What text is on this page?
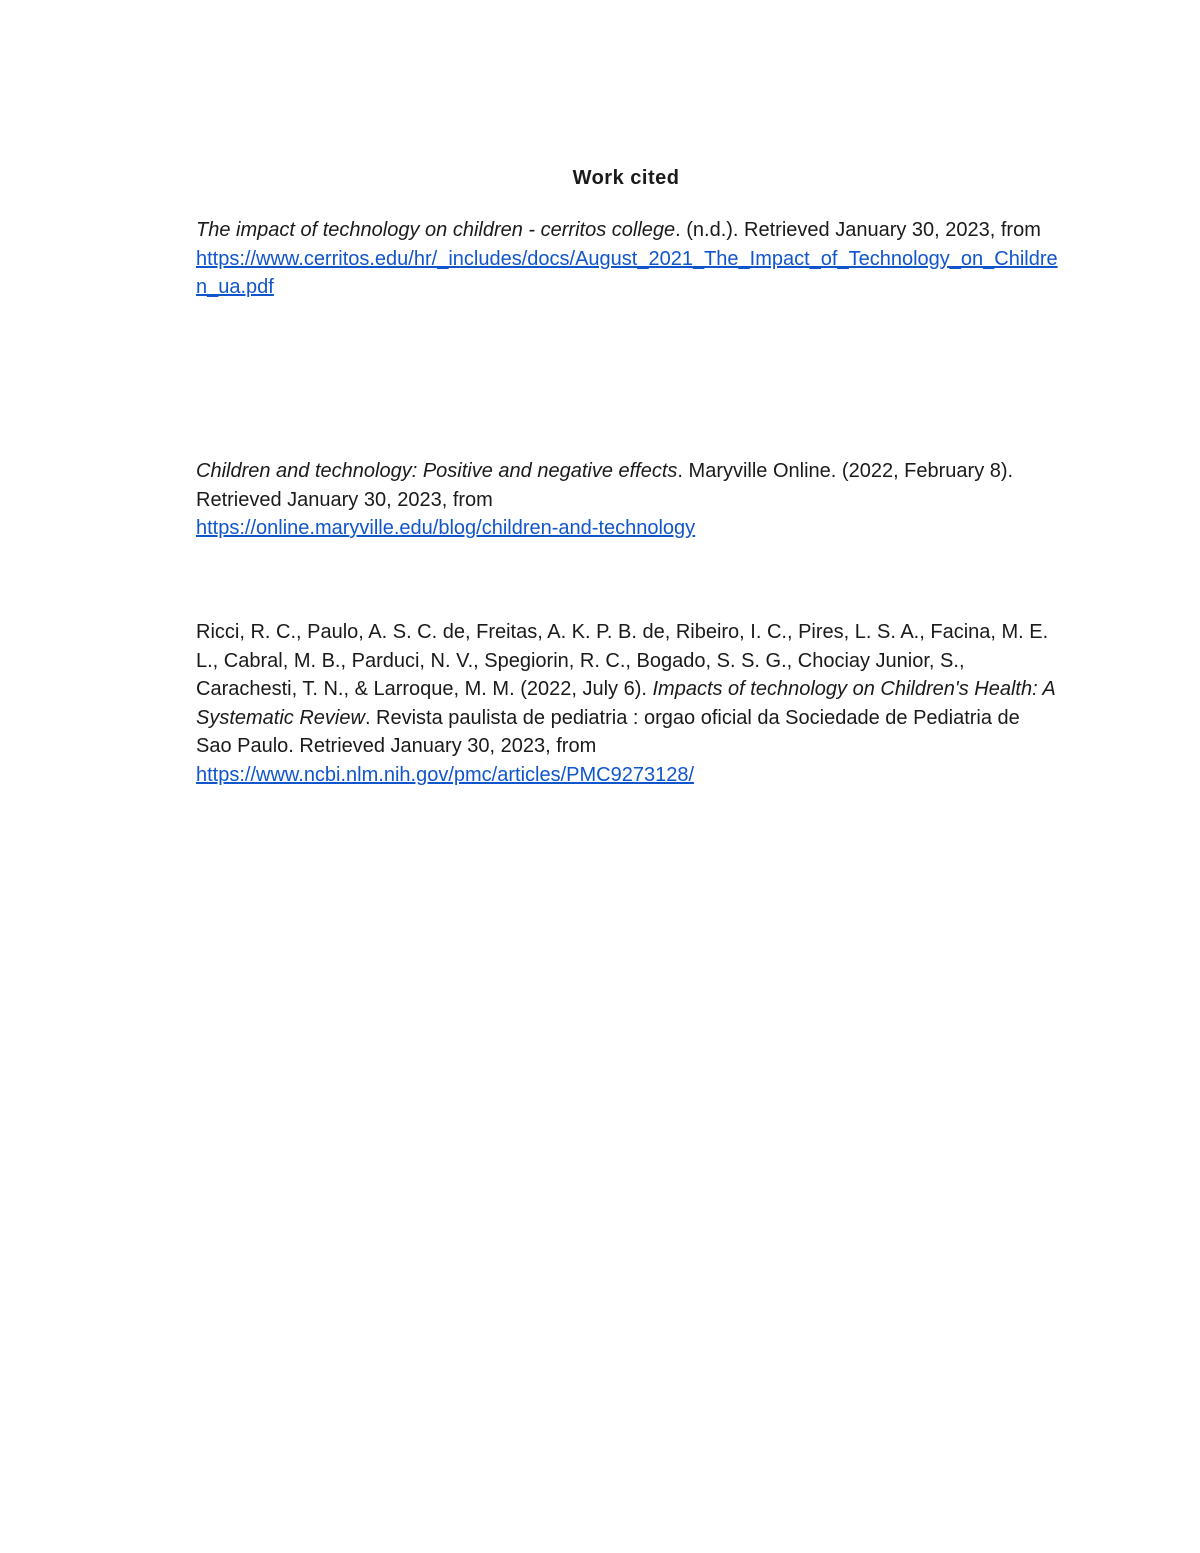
Work cited

The impact of technology on children - cerritos college. (n.d.). Retrieved January 30, 2023, from
https://www.cerritos.edu/hr/_includes/docs/August_2021_The_Impact_of_Technology_on_Children_ua.pdf

Children and technology: Positive and negative effects. Maryville Online. (2022, February 8). Retrieved January 30, 2023, from
https://online.maryville.edu/blog/children-and-technology

Ricci, R. C., Paulo, A. S. C. de, Freitas, A. K. P. B. de, Ribeiro, I. C., Pires, L. S. A., Facina, M. E. L., Cabral, M. B., Parduci, N. V., Spegiorin, R. C., Bogado, S. S. G., Chociay Junior, S., Carachesti, T. N., & Larroque, M. M. (2022, July 6). Impacts of technology on Children's Health: A Systematic Review. Revista paulista de pediatria : orgao oficial da Sociedade de Pediatria de Sao Paulo. Retrieved January 30, 2023, from
https://www.ncbi.nlm.nih.gov/pmc/articles/PMC9273128/
